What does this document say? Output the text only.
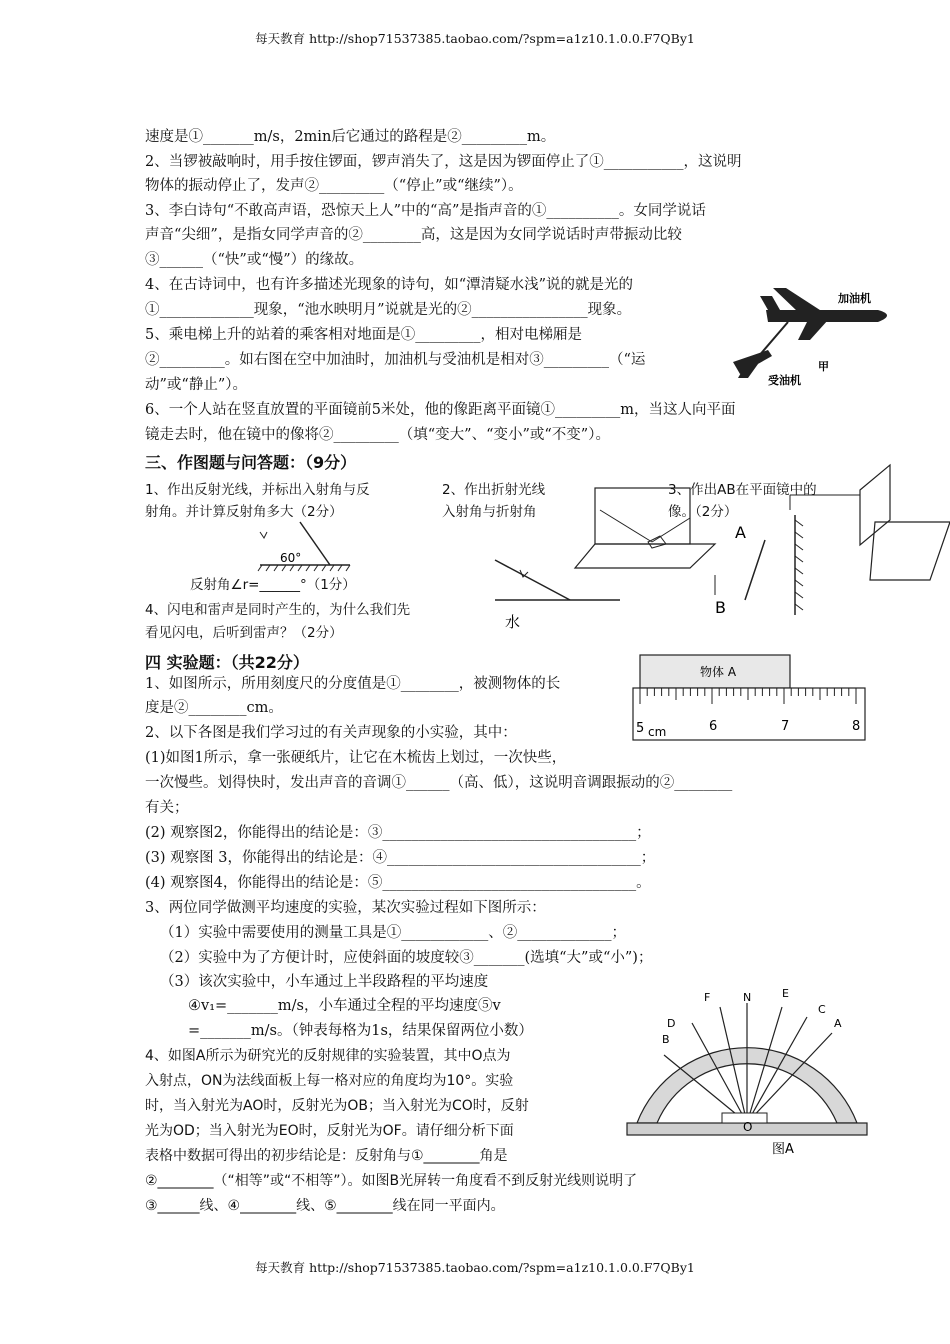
每天教育 http://shop71537385.taobao.com/?spm=a1z10.1.0.0.F7QBy1
速度是①_______m/s，2min后它通过的路程是②_________m。
2、当锣被敲响时，用手按住锣面，锣声消失了，这是因为锣面停止了①___________，这说明
物体的振动停止了，发声②_________（“停止”或“继续”）。
3、李白诗句“不敢高声语，恐惊天上人”中的“高”是指声音的①__________。女同学说话
声音“尖细”，是指女同学声音的②________高，这是因为女同学说话时声带振动比较
③______（“快”或“慢”）的缘故。
4、在古诗词中，也有许多描述光现象的诗句，如“潭清疑水浅”说的就是光的
①_____________现象，“池水映明月”说就是光的②________________现象。
5、乘电梯上升的站着的乘客相对地面是①_________，相对电梯厢是
②_________。如右图在空中加油时，加油机与受油机是相对③_________（“运
动”或“静止”）。
6、一个人站在竖直放置的平面镜前5米处，他的像距离平面镜①_________m，当这人向平面
镜走去时，他在镜中的像将②_________（填“变大”、“变小”或“不变”）。
加油机
受油机
甲
三、作图题与问答题：（9分）
1、作出反射光线，并标出入射角与反
射角。并计算反射角多大（2分）
2、作出折射光线
入射角与折射角
60°
反射角∠r=______°（1分）
4、闪电和雷声是同时产生的，为什么我们先
看见闪电，后听到雷声？（2分）
水
3、作出AB在平面镜中的
像。（2分）
A
B
四 实验题：（共22分）
1、如图所示，所用刻度尺的分度值是①________，被测物体的长
度是②________cm。
物体 A
5 cm	6	7	8
2、以下各图是我们学习过的有关声现象的小实验，其中：
(1)如图1所示，拿一张硬纸片，让它在木梳齿上划过，一次快些，
一次慢些。划得快时，发出声音的音调①______（高、低），这说明音调跟振动的②________
有关；
(2) 观察图2，你能得出的结论是：③___________________________________；
(3) 观察图 3，你能得出的结论是：④___________________________________；
(4) 观察图4，你能得出的结论是：⑤___________________________________。
3、两位同学做测平均速度的实验，某次实验过程如下图所示：
（1）实验中需要使用的测量工具是①____________、②_____________；
（2）实验中为了方便计时，应使斜面的坡度较③_______(选填“大”或“小”)；
（3）该次实验中，小车通过上半段路程的平均速度
④v₁=_______m/s，小车通过全程的平均速度⑤v
=_______m/s。（钟表每格为1s，结果保留两位小数）
B
D
F	N	E
C
A
O
图A
4、如图A所示为研究光的反射规律的实验装置，其中O点为
入射点，ON为法线面板上每一格对应的角度均为10°。实验
时，当入射光为AO时，反射光为OB；当入射光为CO时，反射
光为OD；当入射光为EO时，反射光为OF。请仔细分析下面
表格中数据可得出的初步结论是：反射角与①________角是
②________（“相等”或“不相等”）。如图B光屏转一角度看不到反射光线则说明了
③______线、④________线、⑤________线在同一平面内。
每天教育 http://shop71537385.taobao.com/?spm=a1z10.1.0.0.F7QBy1
